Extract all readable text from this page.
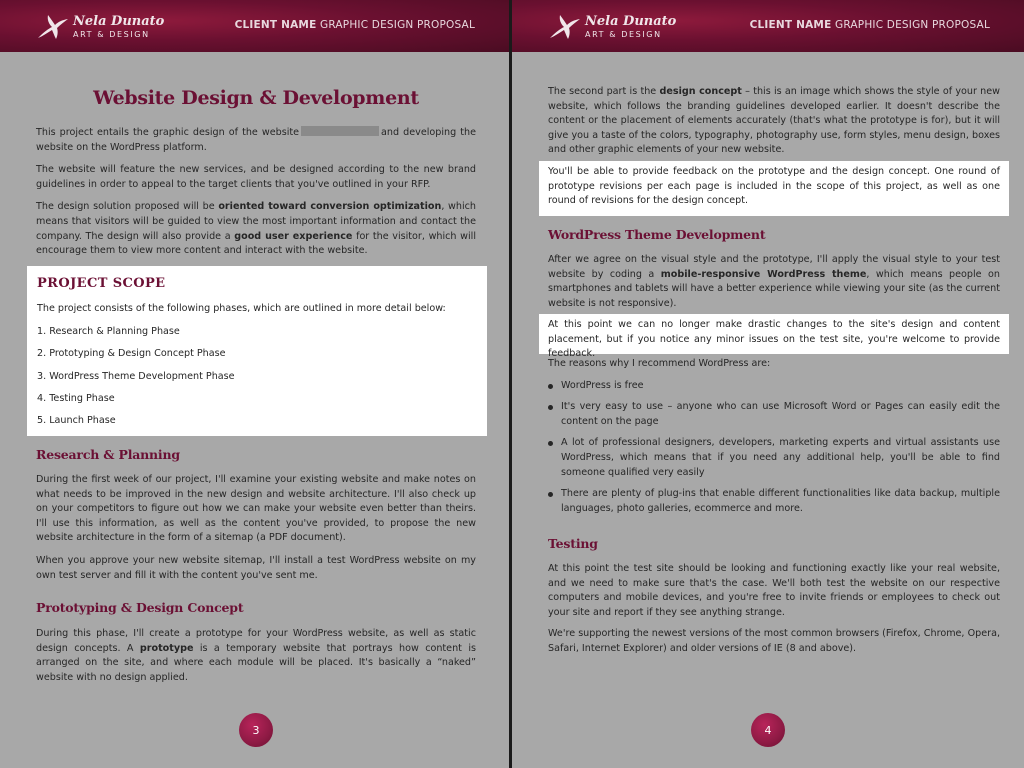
Nela Dunato
ART & DESIGN
CLIENT NAME GRAPHIC DESIGN PROPOSAL
Website Design & Development

This project entails the graphic design of the website	and developing the website on the WordPress platform.

The website will feature the new services, and be designed according to the new brand guidelines in order to appeal to the target clients that you've outlined in your RFP.

The design solution proposed will be oriented toward conversion optimization, which means that visitors will be guided to view the most important information and contact the company. The design will also provide a good user experience for the visitor, which will encourage them to view more content and interact with the website.

PROJECT SCOPE
The project consists of the following phases, which are outlined in more detail below:
1. Research & Planning Phase
2. Prototyping & Design Concept Phase
3. WordPress Theme Development Phase
4. Testing Phase
5. Launch Phase
Research & Planning

During the first week of our project, I'll examine your existing website and make notes on what needs to be improved in the new design and website architecture. I'll also check up on your competitors to figure out how we can make your website even better than theirs. I'll use this information, as well as the content you've provided, to propose the new website architecture in the form of a sitemap (a PDF document).

When you approve your new website sitemap, I'll install a test WordPress website on my own test server and fill it with the content you've sent me.

Prototyping & Design Concept

During this phase, I'll create a prototype for your WordPress website, as well as static design concepts. A prototype is a temporary website that portrays how content is arranged on the site, and where each module will be placed. It's basically a “naked” website with no design applied.

3
Nela Dunato
ART & DESIGN
CLIENT NAME GRAPHIC DESIGN PROPOSAL

The second part is the design concept – this is an image which shows the style of your new website, which follows the branding guidelines developed earlier. It doesn't describe the content or the placement of elements accurately (that's what the prototype is for), but it will give you a taste of the colors, typography, photography use, form styles, menu design, boxes and other graphic elements of your new website.

You'll be able to provide feedback on the prototype and the design concept. One round of prototype revisions per each page is included in the scope of this project, as well as one round of revisions for the design concept.

WordPress Theme Development

After we agree on the visual style and the prototype, I'll apply the visual style to your test website by coding a mobile-responsive WordPress theme, which means people on smartphones and tablets will have a better experience while viewing your site (as the current website is not responsive).

At this point we can no longer make drastic changes to the site's design and content placement, but if you notice any minor issues on the test site, you're welcome to provide feedback.

The reasons why I recommend WordPress are:

WordPress is free
It's very easy to use – anyone who can use Microsoft Word or Pages can easily edit the content on the page
A lot of professional designers, developers, marketing experts and virtual assistants use WordPress, which means that if you need any additional help, you'll be able to find someone qualified very easily
There are plenty of plug-ins that enable different functionalities like data backup, multiple languages, photo galleries, ecommerce and more.
Testing

At this point the test site should be looking and functioning exactly like your real website, and we need to make sure that's the case. We'll both test the website on our respective computers and mobile devices, and you're free to invite friends or employees to check out your site and report if they see anything strange.

We're supporting the newest versions of the most common browsers (Firefox, Chrome, Opera, Safari, Internet Explorer) and older versions of IE (8 and above).

4
